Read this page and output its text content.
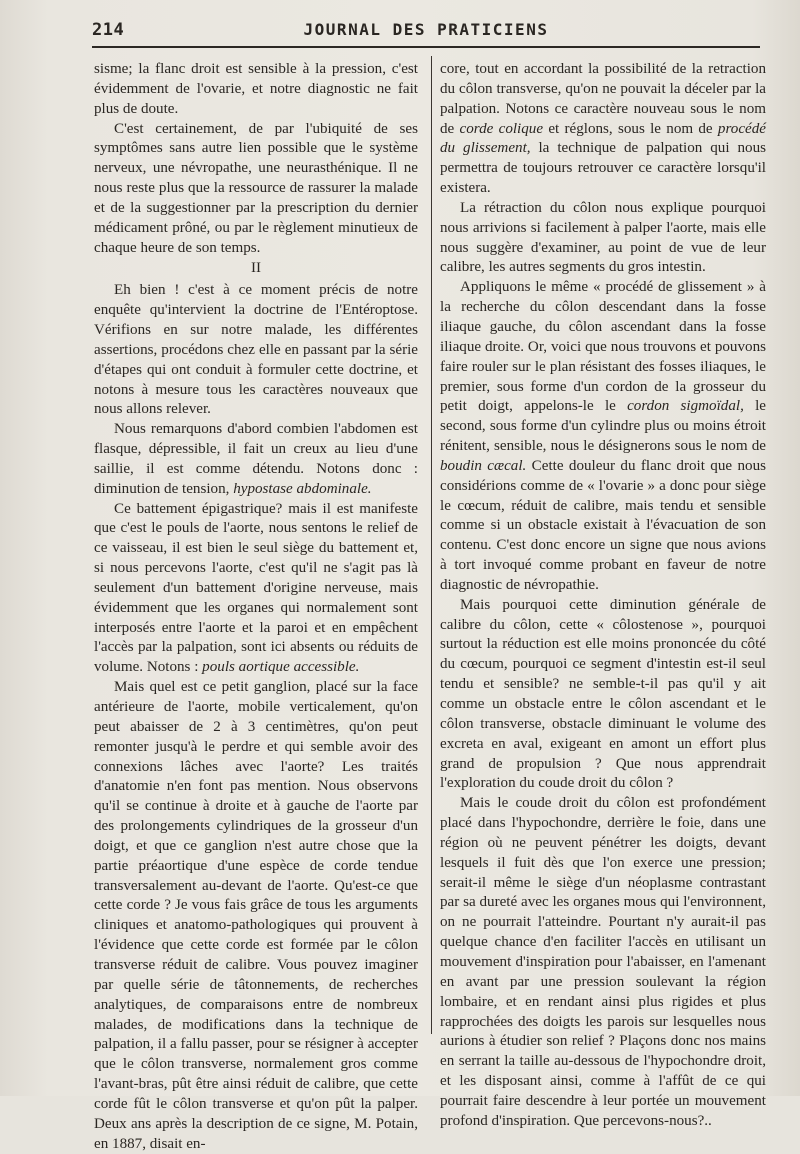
214	JOURNAL DES PRATICIENS

sisme; la flanc droit est sensible à la pression, c'est évidemment de l'ovarie, et notre diagnostic ne fait plus de doute.

C'est certainement, de par l'ubiquité de ses symptômes sans autre lien possible que le système nerveux, une névropathe, une neurasthénique. Il ne nous reste plus que la ressource de rassurer la malade et de la suggestionner par la prescription du dernier médicament prôné, ou par le règlement minutieux de chaque heure de son temps.

II

Eh bien ! c'est à ce moment précis de notre enquête qu'intervient la doctrine de l'Entéroptose. Vérifions en sur notre malade, les différentes assertions, procédons chez elle en passant par la série d'étapes qui ont conduit à formuler cette doctrine, et notons à mesure tous les caractères nouveaux que nous allons relever.

Nous remarquons d'abord combien l'abdomen est flasque, dépressible, il fait un creux au lieu d'une saillie, il est comme détendu. Notons donc : diminution de tension, hypostase abdominale.

Ce battement épigastrique? mais il est manifeste que c'est le pouls de l'aorte, nous sentons le relief de ce vaisseau, il est bien le seul siège du battement et, si nous percevons l'aorte, c'est qu'il ne s'agit pas là seulement d'un battement d'origine nerveuse, mais évidemment que les organes qui normalement sont interposés entre l'aorte et la paroi et en empêchent l'accès par la palpation, sont ici absents ou réduits de volume. Notons : pouls aortique accessible.

Mais quel est ce petit ganglion, placé sur la face antérieure de l'aorte, mobile verticalement, qu'on peut abaisser de 2 à 3 centimètres, qu'on peut remonter jusqu'à le perdre et qui semble avoir des connexions lâches avec l'aorte? Les traités d'anatomie n'en font pas mention. Nous observons qu'il se continue à droite et à gauche de l'aorte par des prolongements cylindriques de la grosseur d'un doigt, et que ce ganglion n'est autre chose que la partie préaortique d'une espèce de corde tendue transversalement au-devant de l'aorte. Qu'est-ce que cette corde ? Je vous fais grâce de tous les arguments cliniques et anatomo-pathologiques qui prouvent à l'évidence que cette corde est formée par le côlon transverse réduit de calibre. Vous pouvez imaginer par quelle série de tâtonnements, de recherches analytiques, de comparaisons entre de nombreux malades, de modifications dans la technique de palpation, il a fallu passer, pour se résigner à accepter que le côlon transverse, normalement gros comme l'avant-bras, pût être ainsi réduit de calibre, que cette corde fût le côlon transverse et qu'on pût la palper. Deux ans après la description de ce signe, M. Potain, en 1887, disait en-

core, tout en accordant la possibilité de la retraction du côlon transverse, qu'on ne pouvait la déceler par la palpation. Notons ce caractère nouveau sous le nom de corde colique et réglons, sous le nom de procédé du glissement, la technique de palpation qui nous permettra de toujours retrouver ce caractère lorsqu'il existera.

La rétraction du côlon nous explique pourquoi nous arrivions si facilement à palper l'aorte, mais elle nous suggère d'examiner, au point de vue de leur calibre, les autres segments du gros intestin.

Appliquons le même « procédé de glissement » à la recherche du côlon descendant dans la fosse iliaque gauche, du côlon ascendant dans la fosse iliaque droite. Or, voici que nous trouvons et pouvons faire rouler sur le plan résistant des fosses iliaques, le premier, sous forme d'un cordon de la grosseur du petit doigt, appelons-le le cordon sigmoïdal, le second, sous forme d'un cylindre plus ou moins étroit rénitent, sensible, nous le désignerons sous le nom de boudin cæcal. Cette douleur du flanc droit que nous considérions comme de « l'ovarie » a donc pour siège le cœcum, réduit de calibre, mais tendu et sensible comme si un obstacle existait à l'évacuation de son contenu. C'est donc encore un signe que nous avions à tort invoqué comme probant en faveur de notre diagnostic de névropathie.

Mais pourquoi cette diminution générale de calibre du côlon, cette « côlostenose », pourquoi surtout la réduction est elle moins prononcée du côté du cœcum, pourquoi ce segment d'intestin est-il seul tendu et sensible? ne semble-t-il pas qu'il y ait comme un obstacle entre le côlon ascendant et le côlon transverse, obstacle diminuant le volume des excreta en aval, exigeant en amont un effort plus grand de propulsion ? Que nous apprendrait l'exploration du coude droit du côlon ?

Mais le coude droit du côlon est profondément placé dans l'hypochondre, derrière le foie, dans une région où ne peuvent pénétrer les doigts, devant lesquels il fuit dès que l'on exerce une pression; serait-il même le siège d'un néoplasme contrastant par sa dureté avec les organes mous qui l'environnent, on ne pourrait l'atteindre. Pourtant n'y aurait-il pas quelque chance d'en faciliter l'accès en utilisant un mouvement d'inspiration pour l'abaisser, en l'amenant en avant par une pression soulevant la région lombaire, et en rendant ainsi plus rigides et plus rapprochées des doigts les parois sur lesquelles nous aurions à étudier son relief ? Plaçons donc nos mains en serrant la taille au-dessous de l'hypochondre droit, et les disposant ainsi, comme à l'affût de ce qui pourrait faire descendre à leur portée un mouvement profond d'inspiration. Que percevons-nous?..
